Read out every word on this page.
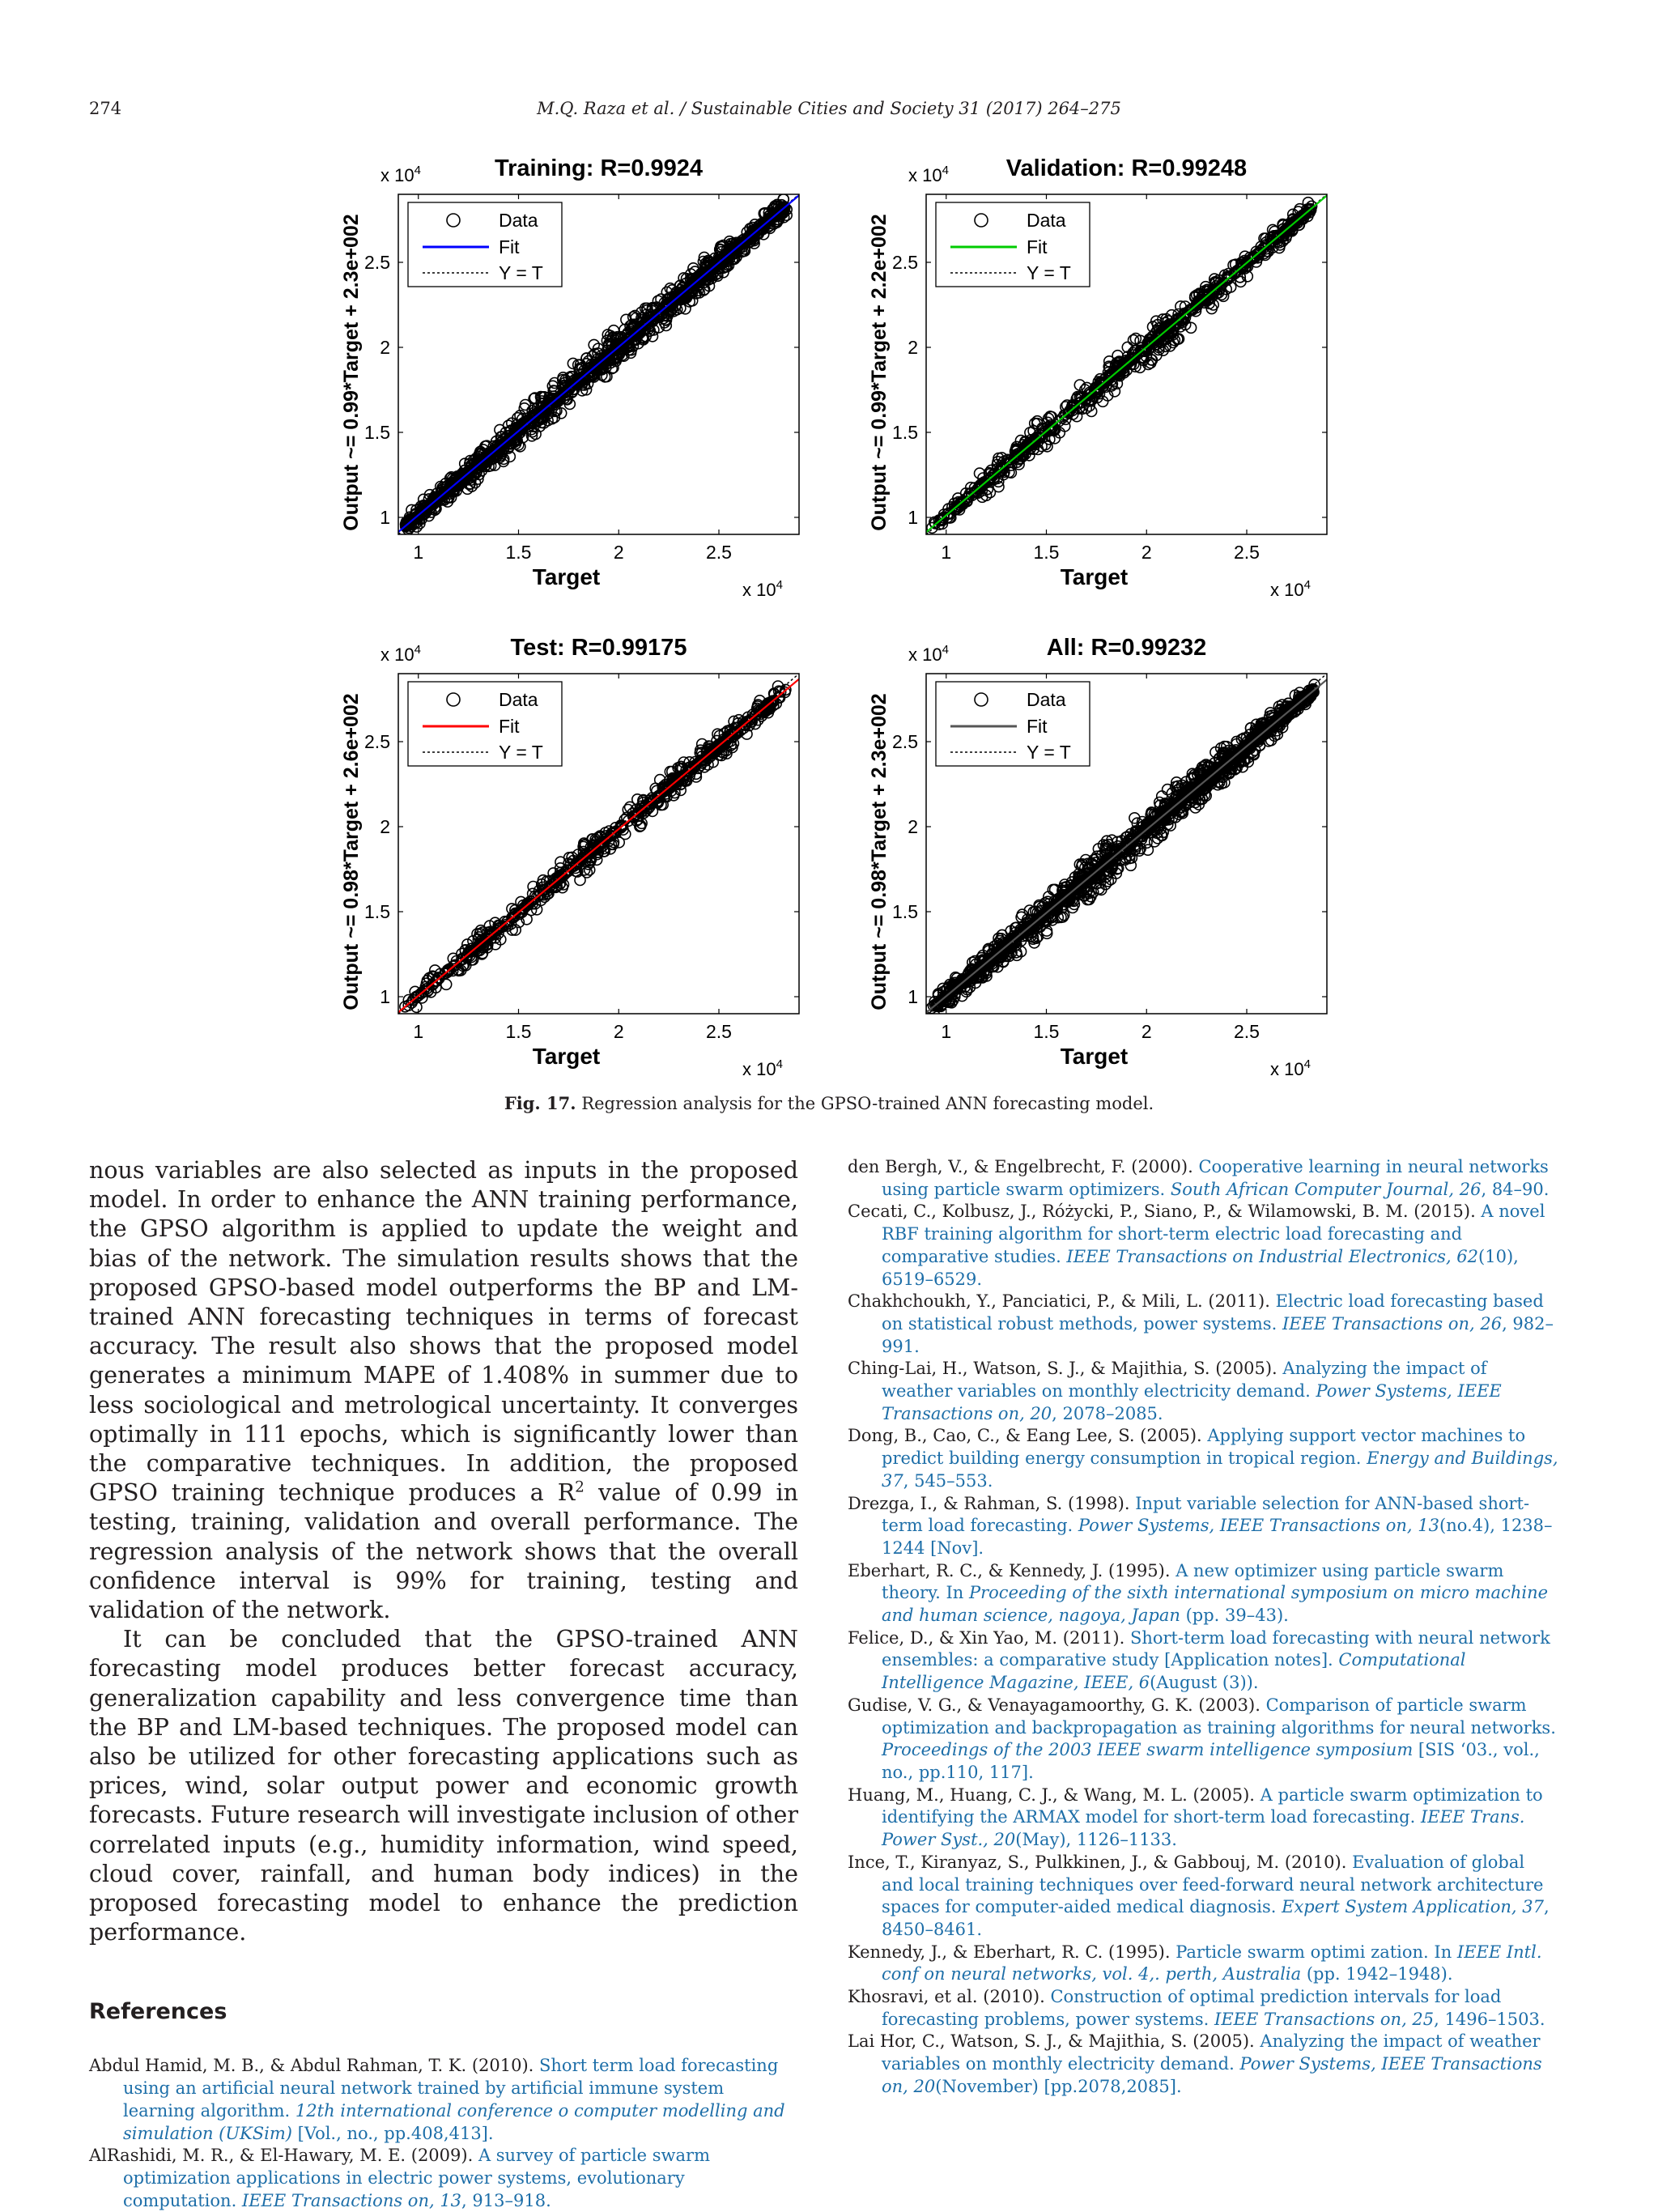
274	M.Q. Raza et al. / Sustainable Cities and Society 31 (2017) 264–275
Training: R=0.9924
x $10^4$
x $10^4$
1
1
1.5
1.5
2
2
2.5
2.5
Target
Output ~= 0.99*Target + 2.3e+002	Data
Fit
Y = T
Validation: R=0.99248
x $10^4$
x $10^4$
1
1
1.5
1.5
2
2
2.5
2.5
Target
Output ~= 0.99*Target + 2.2e+002	Data
Fit
Y = T
Test: R=0.99175
x $10^4$
x $10^4$
1
1
1.5
1.5
2
2
2.5
2.5
Target
Output ~= 0.98*Target + 2.6e+002	Data
Fit
Y = T
All: R=0.99232
x $10^4$
x $10^4$
1
1
1.5
1.5
2
2
2.5
2.5
Target
Output ~= 0.98*Target + 2.3e+002	Data
Fit
Y = T
Fig. 17. Regression analysis for the GPSO-trained ANN forecasting model.

nous variables are also selected as inputs in the proposed model. In order to enhance the ANN training performance, the GPSO algorithm is applied to update the weight and bias of the network. The simulation results shows that the proposed GPSO-based model outperforms the BP and LM-trained ANN forecasting techniques in terms of forecast accuracy. The result also shows that the proposed model generates a minimum MAPE of 1.408% in summer due to less sociological and metrological uncertainty. It converges optimally in 111 epochs, which is significantly lower than the comparative techniques. In addition, the proposed GPSO training technique produces a $R^2$ value of 0.99 in testing, training, validation and overall performance. The regression analysis of the network shows that the overall confidence interval is 99% for training, testing and validation of the network.

It can be concluded that the GPSO-trained ANN forecasting model produces better forecast accuracy, generalization capability and less convergence time than the BP and LM-based techniques. The proposed model can also be utilized for other forecasting applications such as prices, wind, solar output power and economic growth forecasts. Future research will investigate inclusion of other correlated inputs (e.g., humidity information, wind speed, cloud cover, rainfall, and human body indices) in the proposed forecasting model to enhance the prediction performance.

References

Abdul Hamid, M. B., & Abdul Rahman, T. K. (2010). Short term load forecasting using an artificial neural network trained by artificial immune system learning algorithm. 12th international conference o computer modelling and simulation (UKSim) [Vol., no., pp.408,413].

AlRashidi, M. R., & El-Hawary, M. E. (2009). A survey of particle swarm optimization applications in electric power systems, evolutionary computation. IEEE Transactions on, 13, 913–918.

den Bergh, V., & Engelbrecht, F. (2000). Cooperative learning in neural networks using particle swarm optimizers. South African Computer Journal, 26, 84–90.

Cecati, C., Kolbusz, J., Różycki, P., Siano, P., & Wilamowski, B. M. (2015). A novel RBF training algorithm for short-term electric load forecasting and comparative studies. IEEE Transactions on Industrial Electronics, 62(10), 6519–6529.

Chakhchoukh, Y., Panciatici, P., & Mili, L. (2011). Electric load forecasting based on statistical robust methods, power systems. IEEE Transactions on, 26, 982–991.

Ching-Lai, H., Watson, S. J., & Majithia, S. (2005). Analyzing the impact of weather variables on monthly electricity demand. Power Systems, IEEE Transactions on, 20, 2078–2085.

Dong, B., Cao, C., & Eang Lee, S. (2005). Applying support vector machines to predict building energy consumption in tropical region. Energy and Buildings, 37, 545–553.

Drezga, I., & Rahman, S. (1998). Input variable selection for ANN-based short-term load forecasting. Power Systems, IEEE Transactions on, 13(no.4), 1238–1244 [Nov].

Eberhart, R. C., & Kennedy, J. (1995). A new optimizer using particle swarm theory. In Proceeding of the sixth international symposium on micro machine and human science, nagoya, Japan (pp. 39–43).

Felice, D., & Xin Yao, M. (2011). Short-term load forecasting with neural network ensembles: a comparative study [Application notes]. Computational Intelligence Magazine, IEEE, 6(August (3)).

Gudise, V. G., & Venayagamoorthy, G. K. (2003). Comparison of particle swarm optimization and backpropagation as training algorithms for neural networks. Proceedings of the 2003 IEEE swarm intelligence symposium [SIS ‘03., vol., no., pp.110, 117].

Huang, M., Huang, C. J., & Wang, M. L. (2005). A particle swarm optimization to identifying the ARMAX model for short-term load forecasting. IEEE Trans. Power Syst., 20(May), 1126–1133.

Ince, T., Kiranyaz, S., Pulkkinen, J., & Gabbouj, M. (2010). Evaluation of global and local training techniques over feed-forward neural network architecture spaces for computer-aided medical diagnosis. Expert System Application, 37, 8450–8461.

Kennedy, J., & Eberhart, R. C. (1995). Particle swarm optimi zation. In IEEE Intl. conf on neural networks, vol. 4,. perth, Australia (pp. 1942–1948).

Khosravi, et al. (2010). Construction of optimal prediction intervals for load forecasting problems, power systems. IEEE Transactions on, 25, 1496–1503.

Lai Hor, C., Watson, S. J., & Majithia, S. (2005). Analyzing the impact of weather variables on monthly electricity demand. Power Systems, IEEE Transactions on, 20(November) [pp.2078,2085].
